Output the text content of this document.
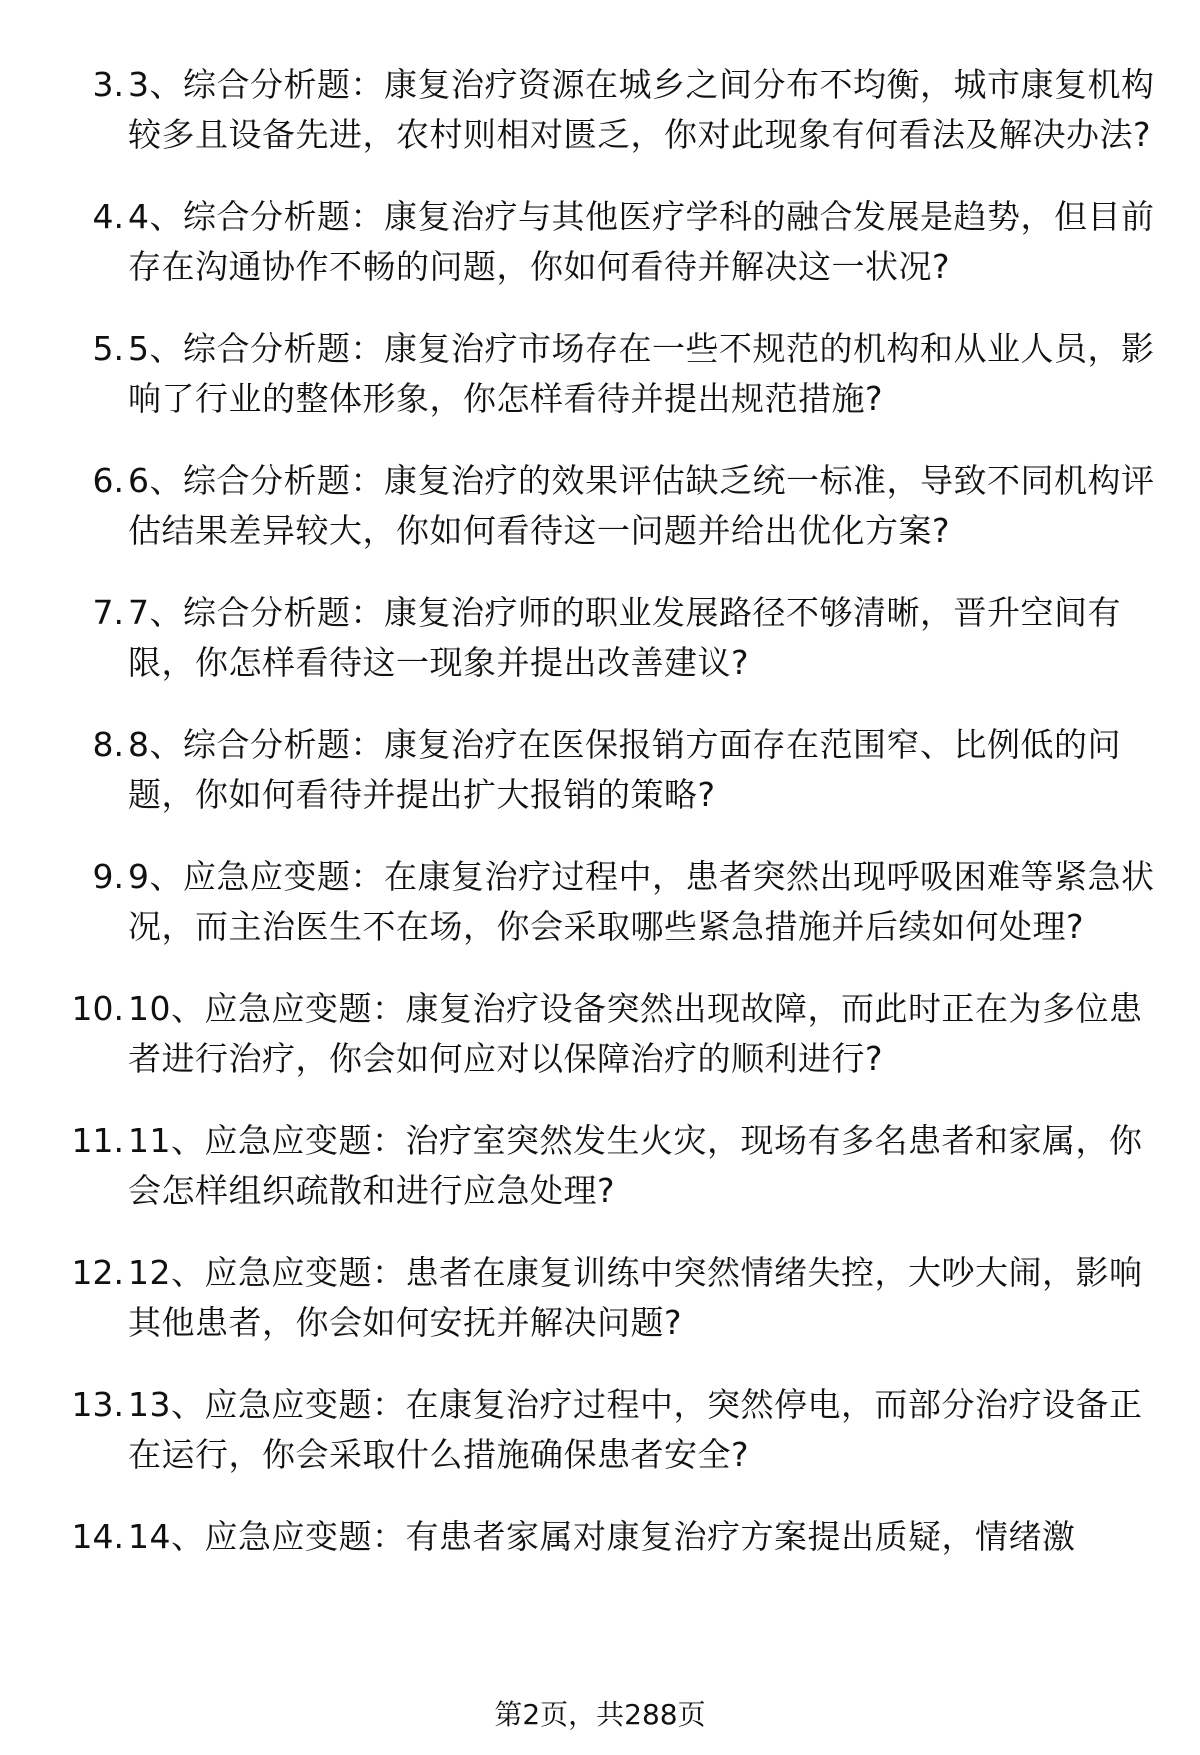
3. 3、综合分析题：康复治疗资源在城乡之间分布不均衡，城市康复机构较多且设备先进，农村则相对匮乏，你对此现象有何看法及解决办法?
4. 4、综合分析题：康复治疗与其他医疗学科的融合发展是趋势，但目前存在沟通协作不畅的问题，你如何看待并解决这一状况?
5. 5、综合分析题：康复治疗市场存在一些不规范的机构和从业人员，影响了行业的整体形象，你怎样看待并提出规范措施?
6. 6、综合分析题：康复治疗的效果评估缺乏统一标准，导致不同机构评估结果差异较大，你如何看待这一问题并给出优化方案?
7. 7、综合分析题：康复治疗师的职业发展路径不够清晰，晋升空间有限，你怎样看待这一现象并提出改善建议?
8. 8、综合分析题：康复治疗在医保报销方面存在范围窄、比例低的问题，你如何看待并提出扩大报销的策略?
9. 9、应急应变题：在康复治疗过程中，患者突然出现呼吸困难等紧急状况，而主治医生不在场，你会采取哪些紧急措施并后续如何处理?
10. 10、应急应变题：康复治疗设备突然出现故障，而此时正在为多位患者进行治疗，你会如何应对以保障治疗的顺利进行?
11. 11、应急应变题：治疗室突然发生火灾，现场有多名患者和家属，你会怎样组织疏散和进行应急处理?
12. 12、应急应变题：患者在康复训练中突然情绪失控，大吵大闹，影响其他患者，你会如何安抚并解决问题?
13. 13、应急应变题：在康复治疗过程中，突然停电，而部分治疗设备正在运行，你会采取什么措施确保患者安全?
14. 14、应急应变题：有患者家属对康复治疗方案提出质疑，情绪激
第2页，共288页
